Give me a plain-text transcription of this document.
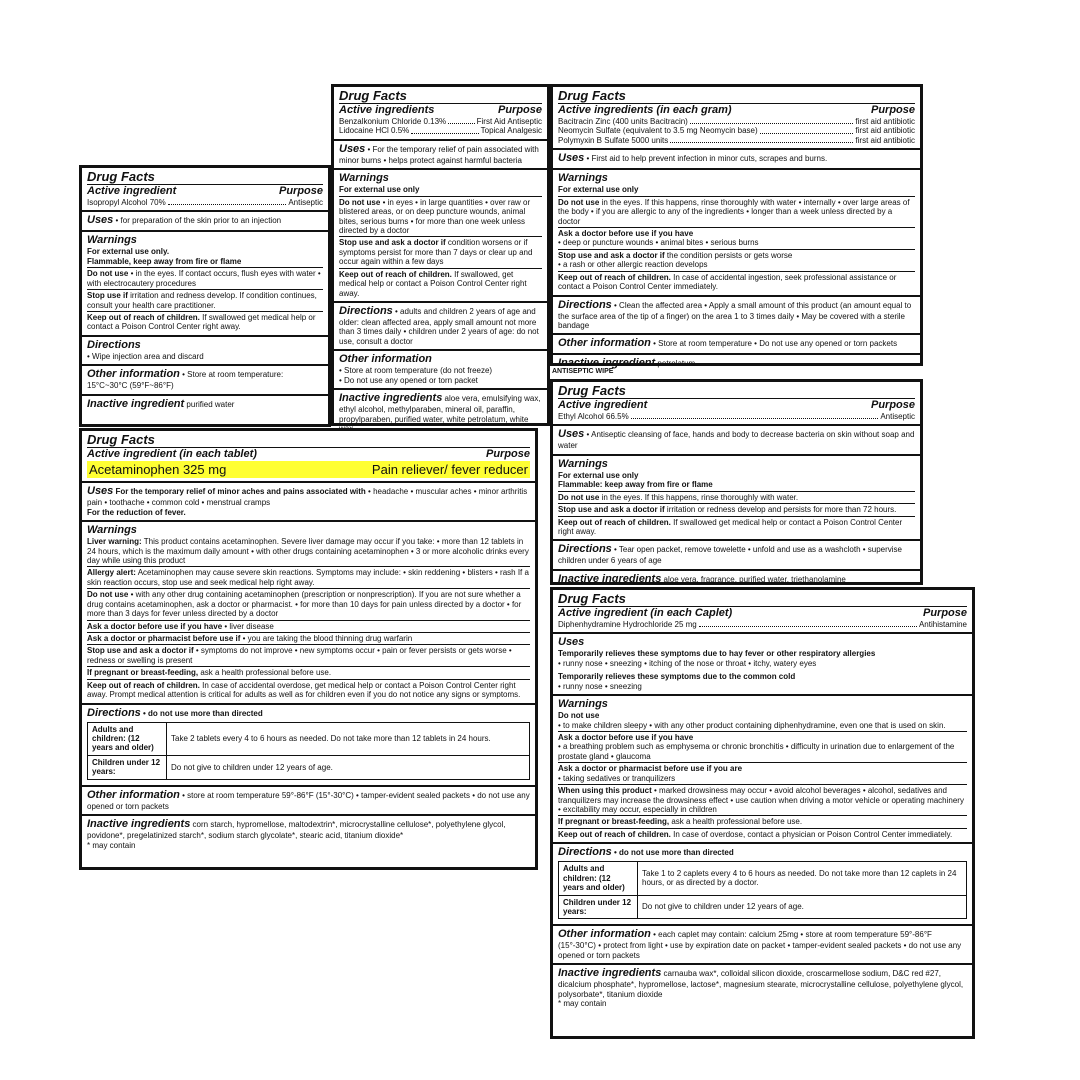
Drug Facts
Active ingredient	Purpose
Isopropyl Alcohol 70%	Antiseptic
Uses • for preparation of the skin prior to an injection
Warnings
For external use only.
Flammable, keep away from fire or flame
Do not use • in the eyes. If contact occurs, flush eyes with water • with electrocautery procedures
Stop use if irritation and redness develop. If condition continues, consult your health care practitioner.
Keep out of reach of children. If swallowed get medical help or contact a Poison Control Center right away.
Directions
• Wipe injection area and discard
Other information • Store at room temperature: 15°C~30°C (59°F~86°F)
Inactive ingredient purified water
Drug Facts
Active ingredients	Purpose
Benzalkonium Chloride 0.13%	First Aid Antiseptic
Lidocaine HCl 0.5%	Topical Analgesic
Uses • For the temporary relief of pain associated with minor burns • helps protect against harmful bacteria
Warnings
For external use only
Do not use • in eyes • in large quantities • over raw or blistered areas, or on deep puncture wounds, animal bites, serious burns • for more than one week unless directed by a doctor
Stop use and ask a doctor if condition worsens or if symptoms persist for more than 7 days or clear up and occur again within a few days
Keep out of reach of children. If swallowed, get medical help or contact a Poison Control Center right away.
Directions • adults and children 2 years of age and older: clean affected area, apply small amount not more than 3 times daily • children under 2 years of age: do not use, consult a doctor
Other information
• Store at room temperature (do not freeze)
• Do not use any opened or torn packet
Inactive ingredients aloe vera, emulsifying wax, ethyl alcohol, methylparaben, mineral oil, paraffin, propylparaben, purified water, white petrolatum, white
Drug Facts
Active ingredients (in each gram)	Purpose
Bacitracin Zinc (400 units Bacitracin)	first aid antibiotic
Neomycin Sulfate (equivalent to 3.5 mg Neomycin base)	first aid antibiotic
Polymyxin B Sulfate 5000 units	first aid antibiotic
Uses • First aid to help prevent infection in minor cuts, scrapes and burns.
Warnings
For external use only
Do not use in the eyes. If this happens, rinse thoroughly with water • internally • over large areas of the body • if you are allergic to any of the ingredients • longer than a week unless directed by a doctor
Ask a doctor before use if you have
• deep or puncture wounds • animal bites • serious burns
Stop use and ask a doctor if the condition persists or gets worse
• a rash or other allergic reaction develops
Keep out of reach of children. In case of accidental ingestion, seek professional assistance or contact a Poison Control Center immediately.
Directions • Clean the affected area • Apply a small amount of this product (an amount equal to the surface area of the tip of a finger) on the area 1 to 3 times daily • May be covered with a sterile bandage
Other information • Store at room temperature • Do not use any opened or torn packets
Inactive ingredient petrolatum
ANTISEPTIC WIPE
Drug Facts
Active ingredient	Purpose
Ethyl Alcohol 66.5%	Antiseptic
Uses • Antiseptic cleansing of face, hands and body to decrease bacteria on skin without soap and water
Warnings
For external use only
Flammable: keep away from fire or flame
Do not use in the eyes. If this happens, rinse thoroughly with water.
Stop use and ask a doctor if irritation or redness develop and persists for more than 72 hours.
Keep out of reach of children. If swallowed get medical help or contact a Poison Control Center right away.
Directions • Tear open packet, remove towelette • unfold and use as a washcloth • supervise children under 6 years of age
Inactive ingredients aloe vera, fragrance, purified water, triethanolamine
Drug Facts
Active ingredient (in each tablet)	Purpose
Acetaminophen 325 mg	Pain reliever/ fever reducer
Uses For the temporary relief of minor aches and pains associated with • headache • muscular aches • minor arthritis pain • toothache • common cold • menstrual cramps
For the reduction of fever.
Warnings
Liver warning: This product contains acetaminophen. Severe liver damage may occur if you take: • more than 12 tablets in 24 hours, which is the maximum daily amount • with other drugs containing acetaminophen • 3 or more alcoholic drinks every day while using this product
Allergy alert: Acetaminophen may cause severe skin reactions. Symptoms may include: • skin reddening • blisters • rash If a skin reaction occurs, stop use and seek medical help right away.
Do not use • with any other drug containing acetaminophen (prescription or nonprescription). If you are not sure whether a drug contains acetaminophen, ask a doctor or pharmacist. • for more than 10 days for pain unless directed by a doctor • for more than 3 days for fever unless directed by a doctor
Ask a doctor before use if you have • liver disease
Ask a doctor or pharmacist before use if • you are taking the blood thinning drug warfarin
Stop use and ask a doctor if • symptoms do not improve • new symptoms occur • pain or fever persists or gets worse • redness or swelling is present
If pregnant or breast-feeding, ask a health professional before use.
Keep out of reach of children. In case of accidental overdose, get medical help or contact a Poison Control Center right away. Prompt medical attention is critical for adults as well as for children even if you do not notice any signs or symptoms.
Directions • do not use more than directed
Adults and children: (12 years and older)	Take 2 tablets every 4 to 6 hours as needed. Do not take more than 12 tablets in 24 hours.
Children under 12 years:	Do not give to children under 12 years of age.
Other information • store at room temperature 59°-86°F (15°-30°C) • tamper-evident sealed packets • do not use any opened or torn packets
Inactive ingredients corn starch, hypromellose, maltodextrin*, microcrystalline cellulose*, polyethylene glycol, povidone*, pregelatinized starch*, sodium starch glycolate*, stearic acid, titanium dioxide*
* may contain
Drug Facts
Active ingredient (in each Caplet)	Purpose
Diphenhydramine Hydrochloride 25 mg	Antihistamine
Uses
Temporarily relieves these symptoms due to hay fever or other respiratory allergies
• runny nose • sneezing • itching of the nose or throat • itchy, watery eyes
Temporarily relieves these symptoms due to the common cold
• runny nose • sneezing
Warnings
Do not use
• to make children sleepy • with any other product containing diphenhydramine, even one that is used on skin.
Ask a doctor before use if you have
• a breathing problem such as emphysema or chronic bronchitis • difficulty in urination due to enlargement of the prostate gland • glaucoma
Ask a doctor or pharmacist before use if you are
• taking sedatives or tranquilizers
When using this product • marked drowsiness may occur • avoid alcohol beverages • alcohol, sedatives and tranquilizers may increase the drowsiness effect • use caution when driving a motor vehicle or operating machinery • excitability may occur, especially in children
If pregnant or breast-feeding, ask a health professional before use.
Keep out of reach of children. In case of overdose, contact a physician or Poison Control Center immediately.
Directions • do not use more than directed
Adults and children: (12 years and older)	Take 1 to 2 caplets every 4 to 6 hours as needed. Do not take more than 12 caplets in 24 hours, or as directed by a doctor.
Children under 12 years:	Do not give to children under 12 years of age.
Other information • each caplet may contain: calcium 25mg • store at room temperature 59°-86°F (15°-30°C) • protect from light • use by expiration date on packet • tamper-evident sealed packets • do not use any opened or torn packets
Inactive ingredients carnauba wax*, colloidal silicon dioxide, croscarmellose sodium, D&C red #27, dicalcium phosphate*, hypromellose, lactose*, magnesium stearate, microcrystalline cellulose, polyethylene glycol, polysorbate*, titanium dioxide
* may contain
